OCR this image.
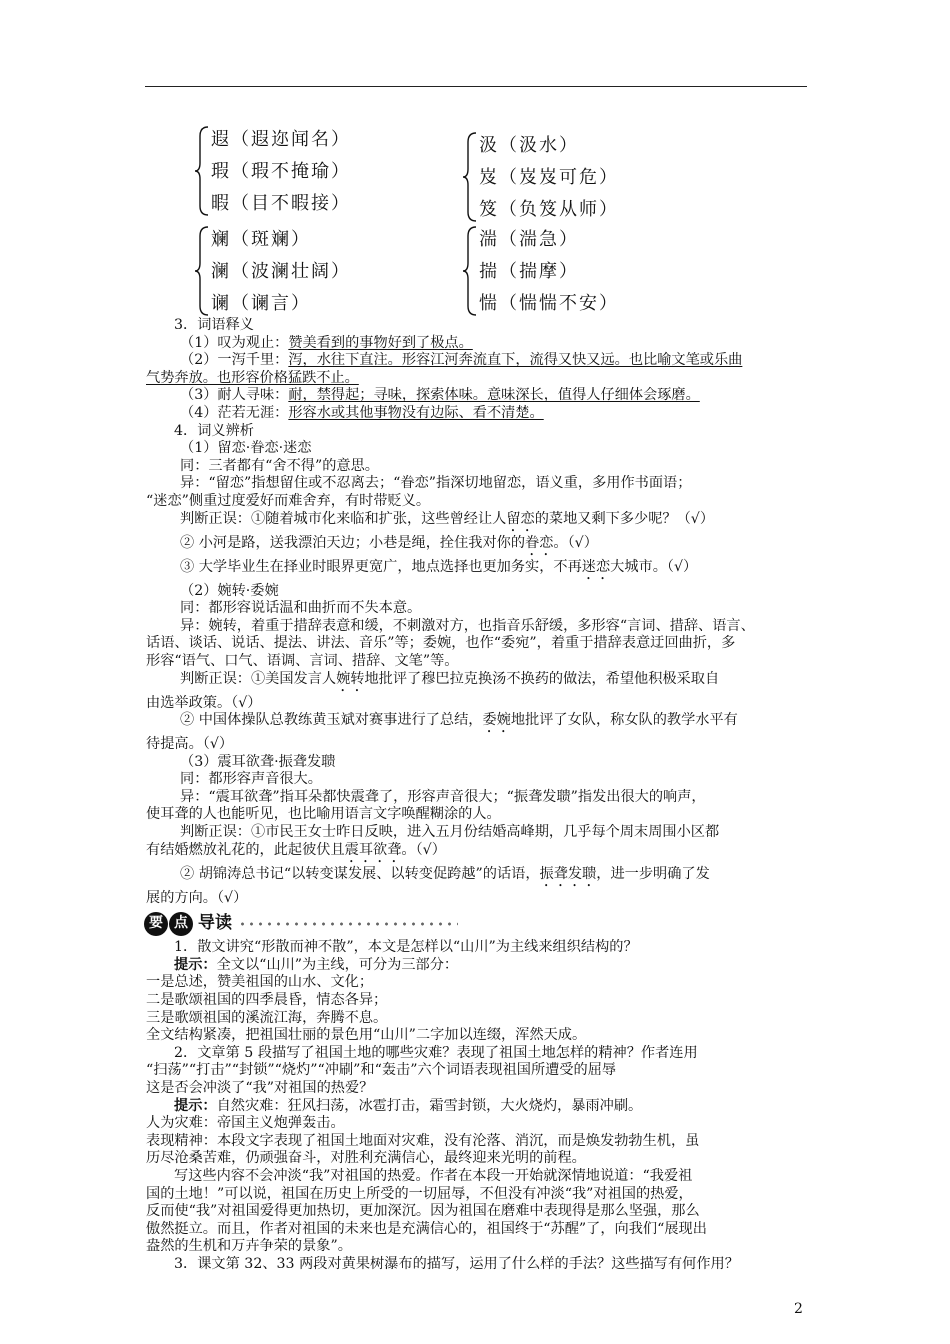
遐（遐迩闻名）
瑕（瑕不掩瑜）
暇（目不暇接）
汲（汲水）
岌（岌岌可危）
笈（负笈从师）
斓（斑斓）
澜（波澜壮阔）
谰（谰言）
湍（湍急）
揣（揣摩）
惴（惴惴不安）

3．词语释义

（1）叹为观止：赞美看到的事物好到了极点。

（2）一泻千里：泻，水往下直注。形容江河奔流直下，流得又快又远。也比喻文笔或乐曲

气势奔放。也形容价格猛跌不止。

（3）耐人寻味：耐，禁得起；寻味，探索体味。意味深长，值得人仔细体会琢磨。

（4）茫若无涯：形容水或其他事物没有边际、看不清楚。

4．词义辨析

（1）留恋·眷恋·迷恋

同：三者都有“舍不得”的意思。

异：“留恋”指想留住或不忍离去；“眷恋”指深切地留恋，语义重，多用作书面语；

“迷恋”侧重过度爱好而难舍弃，有时带贬义。

判断正误：①随着城市化来临和扩张，这些曾经让人留恋的菜地又剩下多少呢？（√）

② 小河是路，送我漂泊天边；小巷是绳，拴住我对你的眷恋。（√）

③ 大学毕业生在择业时眼界更宽广，地点选择也更加务实，不再迷恋大城市。（√）

（2）婉转·委婉

同：都形容说话温和曲折而不失本意。

异：婉转，着重于措辞表意和缓，不刺激对方，也指音乐舒缓，多形容“言词、措辞、语言、

话语、谈话、说话、提法、讲法、音乐”等；委婉，也作“委宛”，着重于措辞表意迂回曲折，多

形容“语气、口气、语调、言词、措辞、文笔”等。

判断正误：①美国发言人婉转地批评了穆巴拉克换汤不换药的做法，希望他积极采取自

由选举政策。（√）

② 中国体操队总教练黄玉斌对赛事进行了总结，委婉地批评了女队，称女队的教学水平有

待提高。（√）

（3）震耳欲聋·振聋发聩

同：都形容声音很大。

异：“震耳欲聋”指耳朵都快震聋了，形容声音很大；“振聋发聩”指发出很大的响声，

使耳聋的人也能听见，也比喻用语言文字唤醒糊涂的人。

判断正误：①市民王女士昨日反映，进入五月份结婚高峰期，几乎每个周末周围小区都

有结婚燃放礼花的，此起彼伏且震耳欲聋。（√）

② 胡锦涛总书记“以转变谋发展、以转变促跨越”的话语，振聋发聩，进一步明确了发

展的方向。（√）

要 点 导读

1．散文讲究“形散而神不散”，本文是怎样以“山川”为主线来组织结构的？

提示：全文以“山川”为主线，可分为三部分：

一是总述，赞美祖国的山水、文化；

二是歌颂祖国的四季晨昏，情态各异；

三是歌颂祖国的溪流江海，奔腾不息。

全文结构紧凑，把祖国壮丽的景色用“山川”二字加以连缀，浑然天成。

2．文章第 5 段描写了祖国土地的哪些灾难？表现了祖国土地怎样的精神？作者连用

“扫荡”“打击”“封锁”“烧灼”“冲刷”和“轰击”六个词语表现祖国所遭受的屈辱

这是否会冲淡了“我”对祖国的热爱？

提示：自然灾难：狂风扫荡，冰雹打击，霜雪封锁，大火烧灼，暴雨冲刷。

人为灾难：帝国主义炮弹轰击。

表现精神：本段文字表现了祖国土地面对灾难，没有沦落、消沉，而是焕发勃勃生机，虽

历尽沧桑苦难，仍顽强奋斗，对胜利充满信心，最终迎来光明的前程。

写这些内容不会冲淡“我”对祖国的热爱。作者在本段一开始就深情地说道：“我爱祖

国的土地！”可以说，祖国在历史上所受的一切屈辱，不但没有冲淡“我”对祖国的热爱，

反而使“我”对祖国爱得更加热切，更加深沉。因为祖国在磨难中表现得是那么坚强，那么

傲然挺立。而且，作者对祖国的未来也是充满信心的，祖国终于“苏醒”了，向我们“展现出

盎然的生机和万卉争荣的景象”。

3．课文第 32、33 两段对黄果树瀑布的描写，运用了什么样的手法？这些描写有何作用？

2
